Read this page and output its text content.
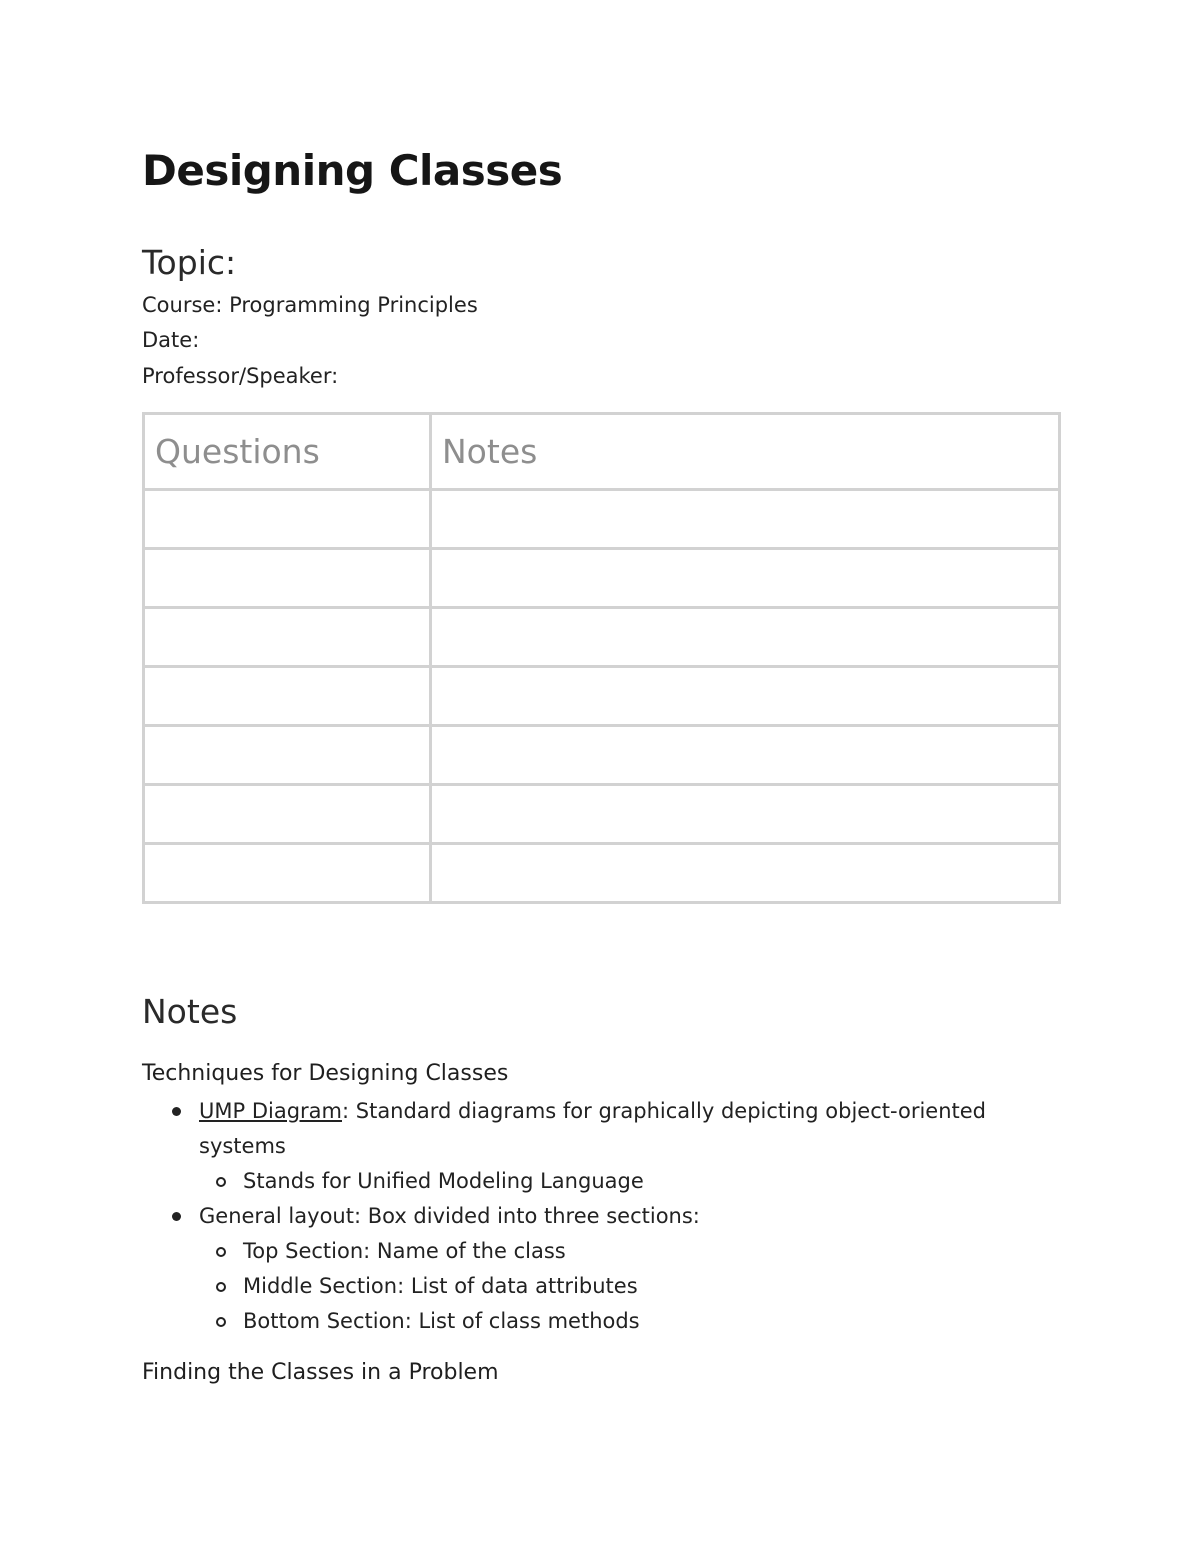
Designing Classes
Topic:
Course: Programming Principles
Date:
Professor/Speaker:
Questions	Notes

Notes
Techniques for Designing Classes
UMP Diagram: Standard diagrams for graphically depicting object-oriented systems
Stands for Unified Modeling Language
General layout: Box divided into three sections:
Top Section: Name of the class
Middle Section: List of data attributes
Bottom Section: List of class methods
Finding the Classes in a Problem
